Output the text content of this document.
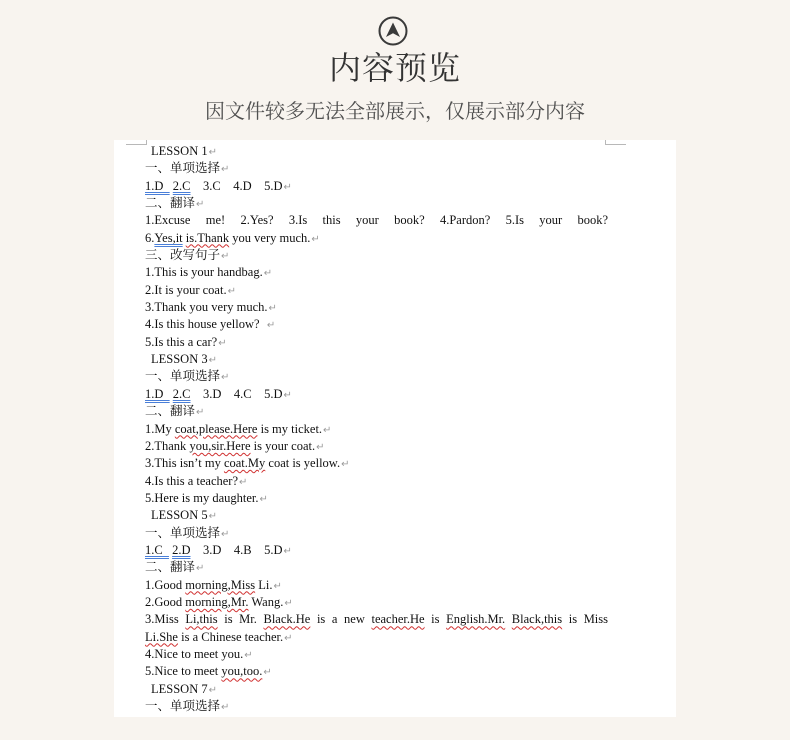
内容预览
因文件较多无法全部展示，仅展示部分内容
LESSON 1↵
一、单项选择↵
1.D   2.C    3.C    4.D    5.D↵
二、翻译↵
1.Excuse me! 2.Yes? 3.Is this your book? 4.Pardon? 5.Is your book?
6.Yes,it is.Thank you very much.↵
三、改写句子↵
1.This is your handbag.↵
2.It is your coat.↵
3.Thank you very much.↵
4.Is this house yellow?  ↵
5.Is this a car?↵
LESSON 3↵
一、单项选择↵
1.D   2.C    3.D    4.C    5.D↵
二、翻译↵
1.My coat,please.Here is my ticket.↵
2.Thank you,sir.Here is your coat.↵
3.This isn’t my coat.My coat is yellow.↵
4.Is this a teacher?↵
5.Here is my daughter.↵
LESSON 5↵
一、单项选择↵
1.C   2.D    3.D    4.B    5.D↵
二、翻译↵
1.Good morning,Miss Li.↵
2.Good morning,Mr. Wang.↵
3.Miss Li,this is Mr. Black.He is a new teacher.He is English.Mr. Black,this is Miss
Li.She is a Chinese teacher.↵
4.Nice to meet you.↵
5.Nice to meet you,too.↵
LESSON 7↵
一、单项选择↵
